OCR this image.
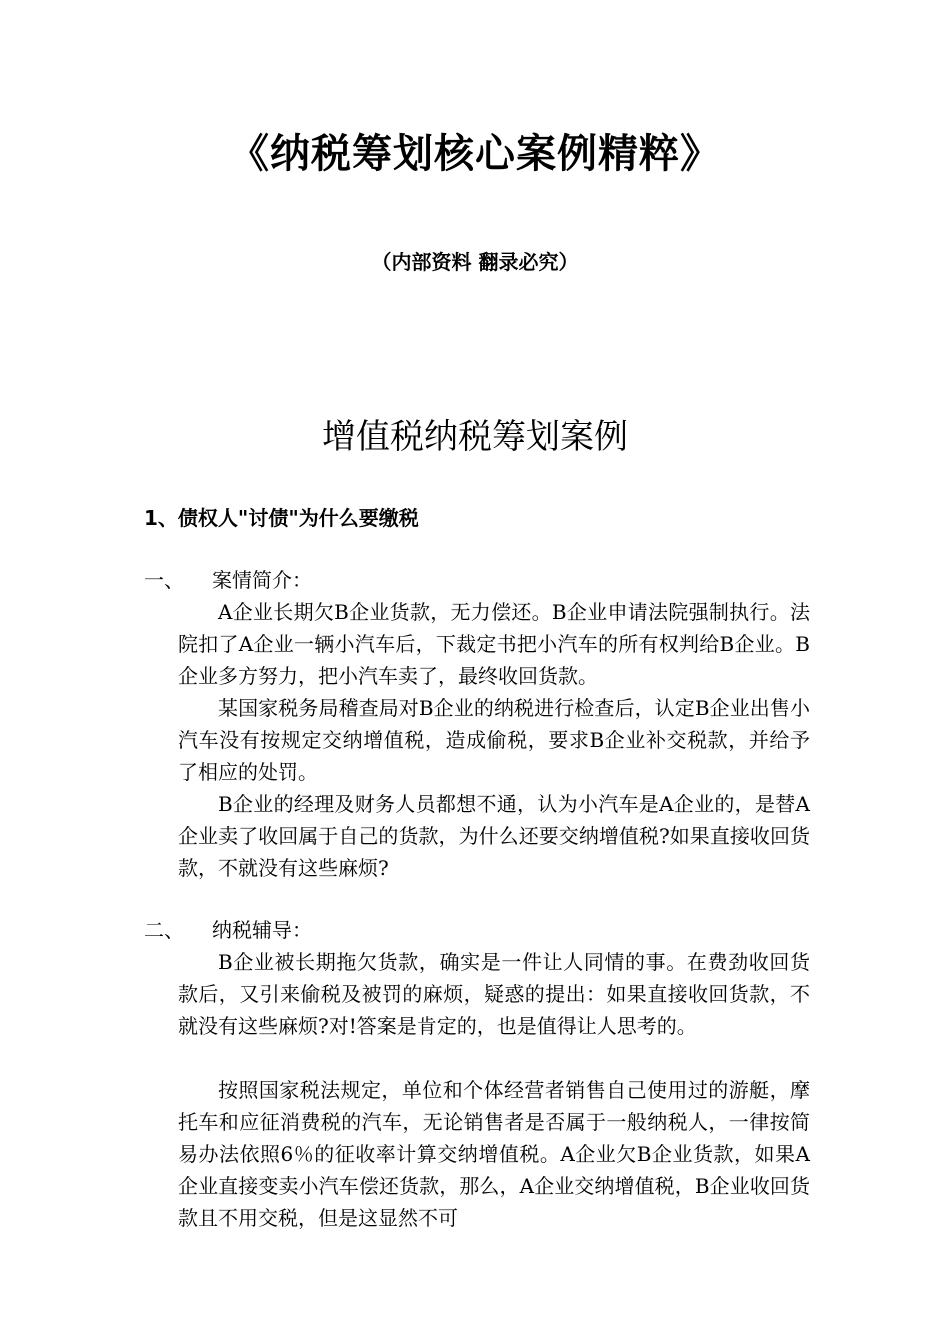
《纳税筹划核心案例精粹》
（内部资料 翻录必究）
增值税纳税筹划案例
1、债权人"讨债"为什么要缴税
一、 案情简介：

A企业长期欠B企业货款，无力偿还。B企业申请法院强制执行。法院扣了A企业一辆小汽车后，下裁定书把小汽车的所有权判给B企业。B企业多方努力，把小汽车卖了，最终收回货款。

某国家税务局稽查局对B企业的纳税进行检查后，认定B企业出售小汽车没有按规定交纳增值税，造成偷税，要求B企业补交税款，并给予了相应的处罚。

B企业的经理及财务人员都想不通，认为小汽车是A企业的，是替A企业卖了收回属于自己的货款，为什么还要交纳增值税?如果直接收回货款，不就没有这些麻烦?

二、 纳税辅导：

B企业被长期拖欠货款，确实是一件让人同情的事。在费劲收回货款后，又引来偷税及被罚的麻烦，疑惑的提出：如果直接收回货款，不就没有这些麻烦?对!答案是肯定的，也是值得让人思考的。

按照国家税法规定，单位和个体经营者销售自己使用过的游艇，摩托车和应征消费税的汽车，无论销售者是否属于一般纳税人，一律按简易办法依照6％的征收率计算交纳增值税。A企业欠B企业货款，如果A企业直接变卖小汽车偿还货款，那么，A企业交纳增值税，B企业收回货款且不用交税，但是这显然不可
